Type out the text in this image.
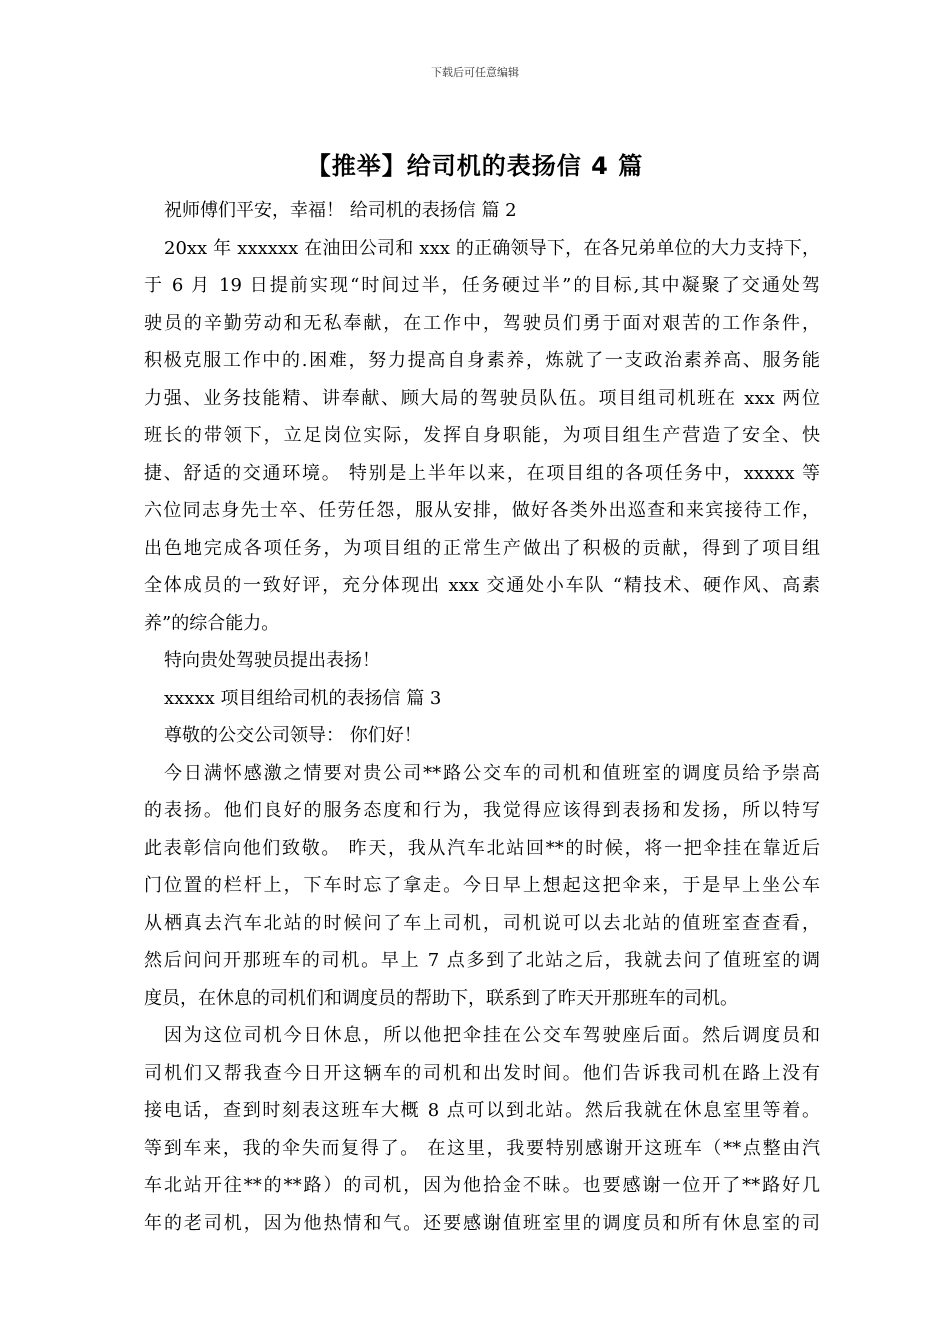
下载后可任意编辑
【推举】给司机的表扬信 4 篇
祝师傅们平安，幸福！ 给司机的表扬信 篇 2
20xx 年 xxxxxx 在油田公司和 xxx 的正确领导下，在各兄弟单位的大力支持下，
于 6 月 19 日提前实现“时间过半，任务硬过半”的目标,其中凝聚了交通处驾
驶员的辛勤劳动和无私奉献，在工作中，驾驶员们勇于面对艰苦的工作条件，
积极克服工作中的.困难，努力提高自身素养，炼就了一支政治素养高、服务能
力强、业务技能精、讲奉献、顾大局的驾驶员队伍。项目组司机班在 xxx 两位
班长的带领下，立足岗位实际，发挥自身职能，为项目组生产营造了安全、快
捷、舒适的交通环境。 特别是上半年以来，在项目组的各项任务中，xxxxx 等
六位同志身先士卒、任劳任怨，服从安排，做好各类外出巡查和来宾接待工作，
出色地完成各项任务，为项目组的正常生产做出了积极的贡献，得到了项目组
全体成员的一致好评，充分体现出 xxx 交通处小车队 “精技术、硬作风、高素
养”的综合能力。
特向贵处驾驶员提出表扬！
xxxxx 项目组给司机的表扬信 篇 3
尊敬的公交公司领导： 你们好！
今日满怀感激之情要对贵公司**路公交车的司机和值班室的调度员给予崇高
的表扬。他们良好的服务态度和行为，我觉得应该得到表扬和发扬，所以特写
此表彰信向他们致敬。 昨天，我从汽车北站回**的时候，将一把伞挂在靠近后
门位置的栏杆上，下车时忘了拿走。今日早上想起这把伞来，于是早上坐公车
从栖真去汽车北站的时候问了车上司机，司机说可以去北站的值班室查查看，
然后问问开那班车的司机。早上 7 点多到了北站之后，我就去问了值班室的调
度员，在休息的司机们和调度员的帮助下，联系到了昨天开那班车的司机。
因为这位司机今日休息，所以他把伞挂在公交车驾驶座后面。然后调度员和
司机们又帮我查今日开这辆车的司机和出发时间。他们告诉我司机在路上没有
接电话，查到时刻表这班车大概 8 点可以到北站。然后我就在休息室里等着。
等到车来，我的伞失而复得了。 在这里，我要特别感谢开这班车（**点整由汽
车北站开往**的**路）的司机，因为他拾金不昧。也要感谢一位开了**路好几
年的老司机，因为他热情和气。还要感谢值班室里的调度员和所有休息室的司
